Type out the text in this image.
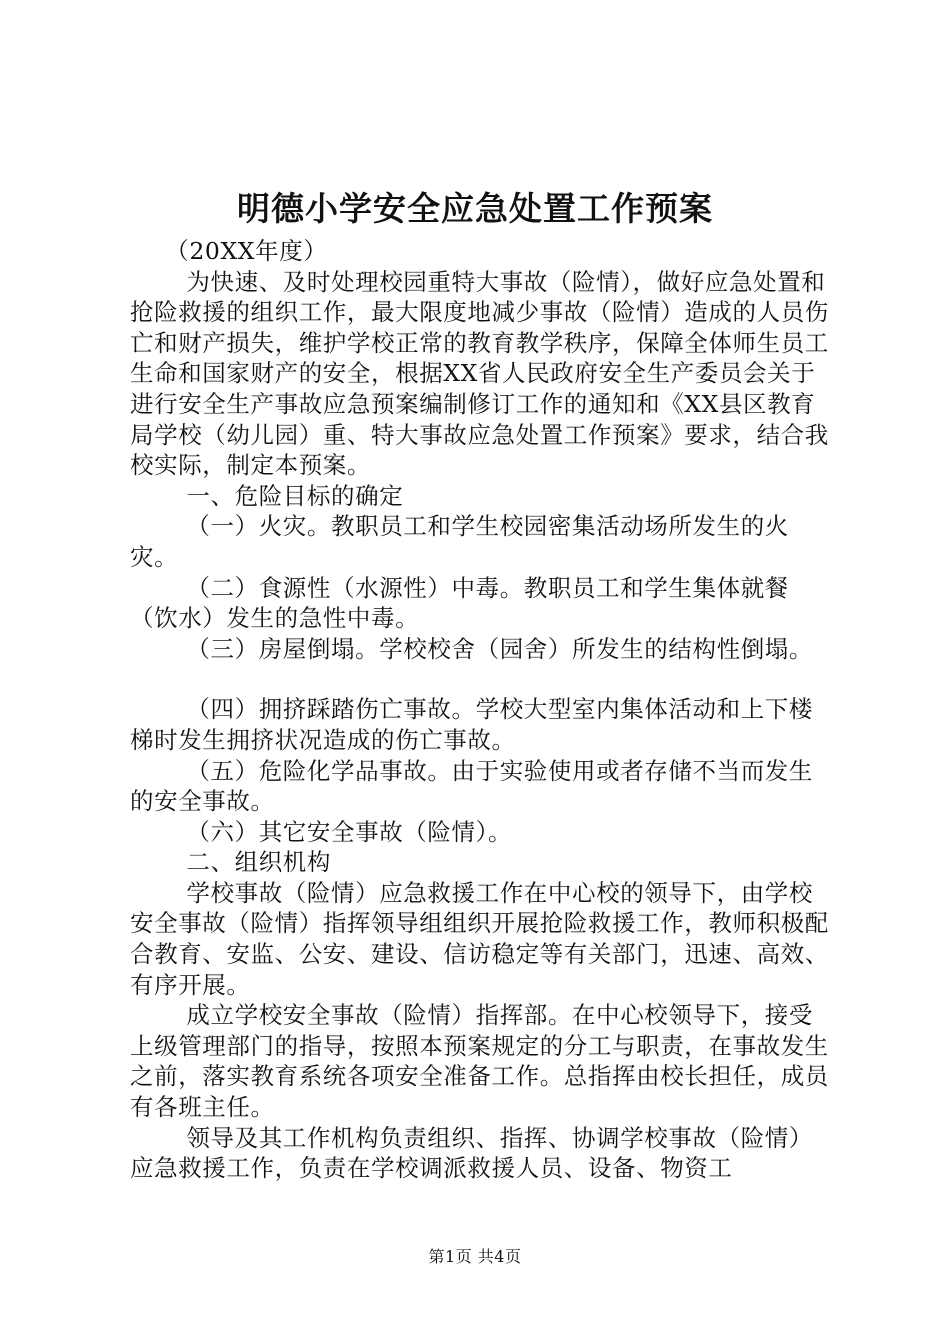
明德小学安全应急处置工作预案

（20XX年度）

为快速、及时处理校园重特大事故（险情），做好应急处置和抢险救援的组织工作，最大限度地减少事故（险情）造成的人员伤亡和财产损失，维护学校正常的教育教学秩序，保障全体师生员工生命和国家财产的安全，根据XX省人民政府安全生产委员会关于进行安全生产事故应急预案编制修订工作的通知和《XX县区教育局学校（幼儿园）重、特大事故应急处置工作预案》要求，结合我校实际，制定本预案。

一、危险目标的确定

（一）火灾。教职员工和学生校园密集活动场所发生的火灾。

（二）食源性（水源性）中毒。教职员工和学生集体就餐（饮水）发生的急性中毒。

（三）房屋倒塌。学校校舍（园舍）所发生的结构性倒塌。

（四）拥挤踩踏伤亡事故。学校大型室内集体活动和上下楼梯时发生拥挤状况造成的伤亡事故。

（五）危险化学品事故。由于实验使用或者存储不当而发生的安全事故。

（六）其它安全事故（险情）。

二、组织机构

学校事故（险情）应急救援工作在中心校的领导下，由学校安全事故（险情）指挥领导组组织开展抢险救援工作，教师积极配合教育、安监、公安、建设、信访稳定等有关部门，迅速、高效、有序开展。

成立学校安全事故（险情）指挥部。在中心校领导下，接受上级管理部门的指导，按照本预案规定的分工与职责，在事故发生之前，落实教育系统各项安全准备工作。总指挥由校长担任，成员有各班主任。

领导及其工作机构负责组织、指挥、协调学校事故（险情）应急救援工作，负责在学校调派救援人员、设备、物资工

第1页 共4页
